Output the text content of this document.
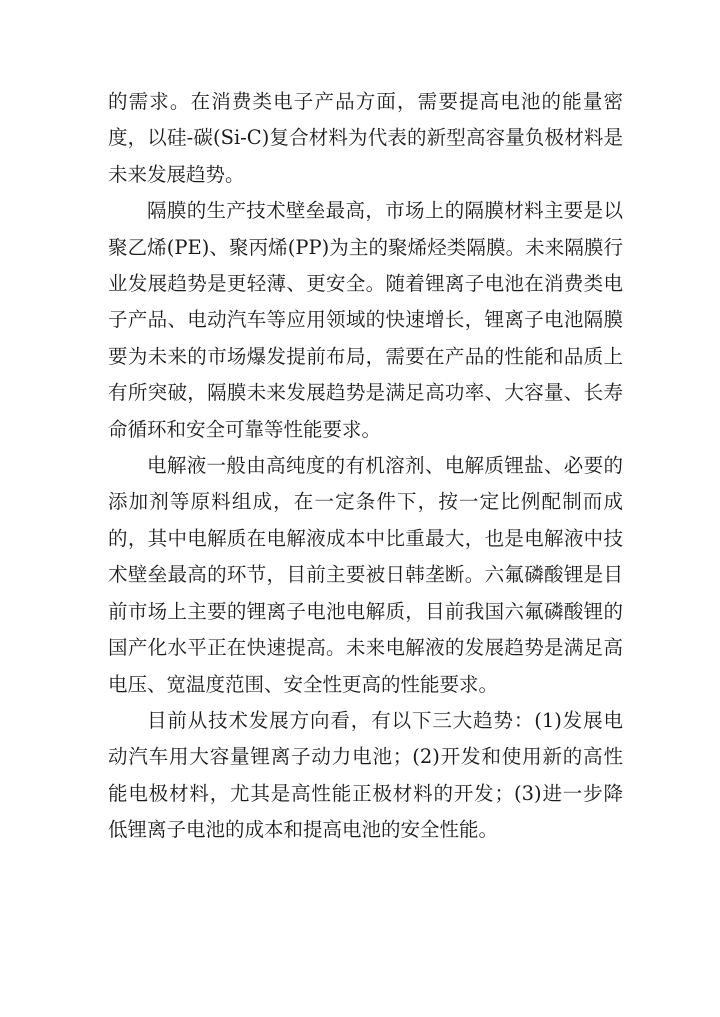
的需求。在消费类电子产品方面，需要提高电池的能量密度，以硅-碳(Si-C)复合材料为代表的新型高容量负极材料是未来发展趋势。

隔膜的生产技术壁垒最高，市场上的隔膜材料主要是以聚乙烯(PE)、聚丙烯(PP)为主的聚烯烃类隔膜。未来隔膜行业发展趋势是更轻薄、更安全。随着锂离子电池在消费类电子产品、电动汽车等应用领域的快速增长，锂离子电池隔膜要为未来的市场爆发提前布局，需要在产品的性能和品质上有所突破，隔膜未来发展趋势是满足高功率、大容量、长寿命循环和安全可靠等性能要求。

电解液一般由高纯度的有机溶剂、电解质锂盐、必要的添加剂等原料组成，在一定条件下，按一定比例配制而成的，其中电解质在电解液成本中比重最大，也是电解液中技术壁垒最高的环节，目前主要被日韩垄断。六氟磷酸锂是目前市场上主要的锂离子电池电解质，目前我国六氟磷酸锂的国产化水平正在快速提高。未来电解液的发展趋势是满足高电压、宽温度范围、安全性更高的性能要求。

目前从技术发展方向看，有以下三大趋势：(1)发展电动汽车用大容量锂离子动力电池；(2)开发和使用新的高性能电极材料，尤其是高性能正极材料的开发；(3)进一步降低锂离子电池的成本和提高电池的安全性能。
